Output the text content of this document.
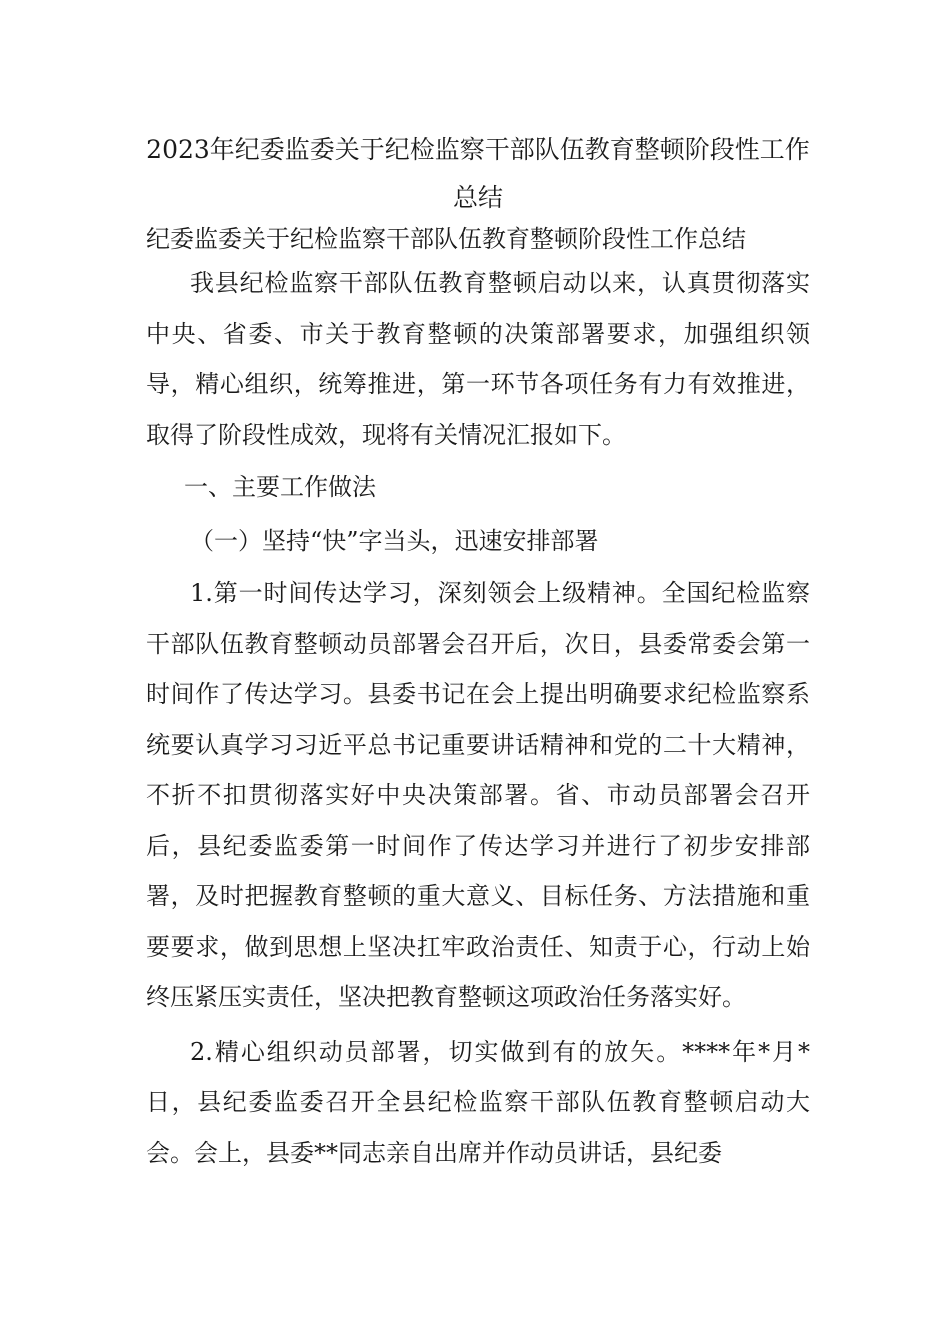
2023年纪委监委关于纪检监察干部队伍教育整顿阶段性工作总结
纪委监委关于纪检监察干部队伍教育整顿阶段性工作总结

我县纪检监察干部队伍教育整顿启动以来，认真贯彻落实中央、省委、市关于教育整顿的决策部署要求，加强组织领导，精心组织，统筹推进，第一环节各项任务有力有效推进，取得了阶段性成效，现将有关情况汇报如下。

一、主要工作做法
（一）坚持“快”字当头，迅速安排部署

1.第一时间传达学习，深刻领会上级精神。全国纪检监察干部队伍教育整顿动员部署会召开后，次日，县委常委会第一时间作了传达学习。县委书记在会上提出明确要求纪检监察系统要认真学习习近平总书记重要讲话精神和党的二十大精神，不折不扣贯彻落实好中央决策部署。省、市动员部署会召开后，县纪委监委第一时间作了传达学习并进行了初步安排部署，及时把握教育整顿的重大意义、目标任务、方法措施和重要要求，做到思想上坚决扛牢政治责任、知责于心，行动上始终压紧压实责任，坚决把教育整顿这项政治任务落实好。

2.精心组织动员部署，切实做到有的放矢。****年*月*日，县纪委监委召开全县纪检监察干部队伍教育整顿启动大会。会上，县委**同志亲自出席并作动员讲话，县纪委
